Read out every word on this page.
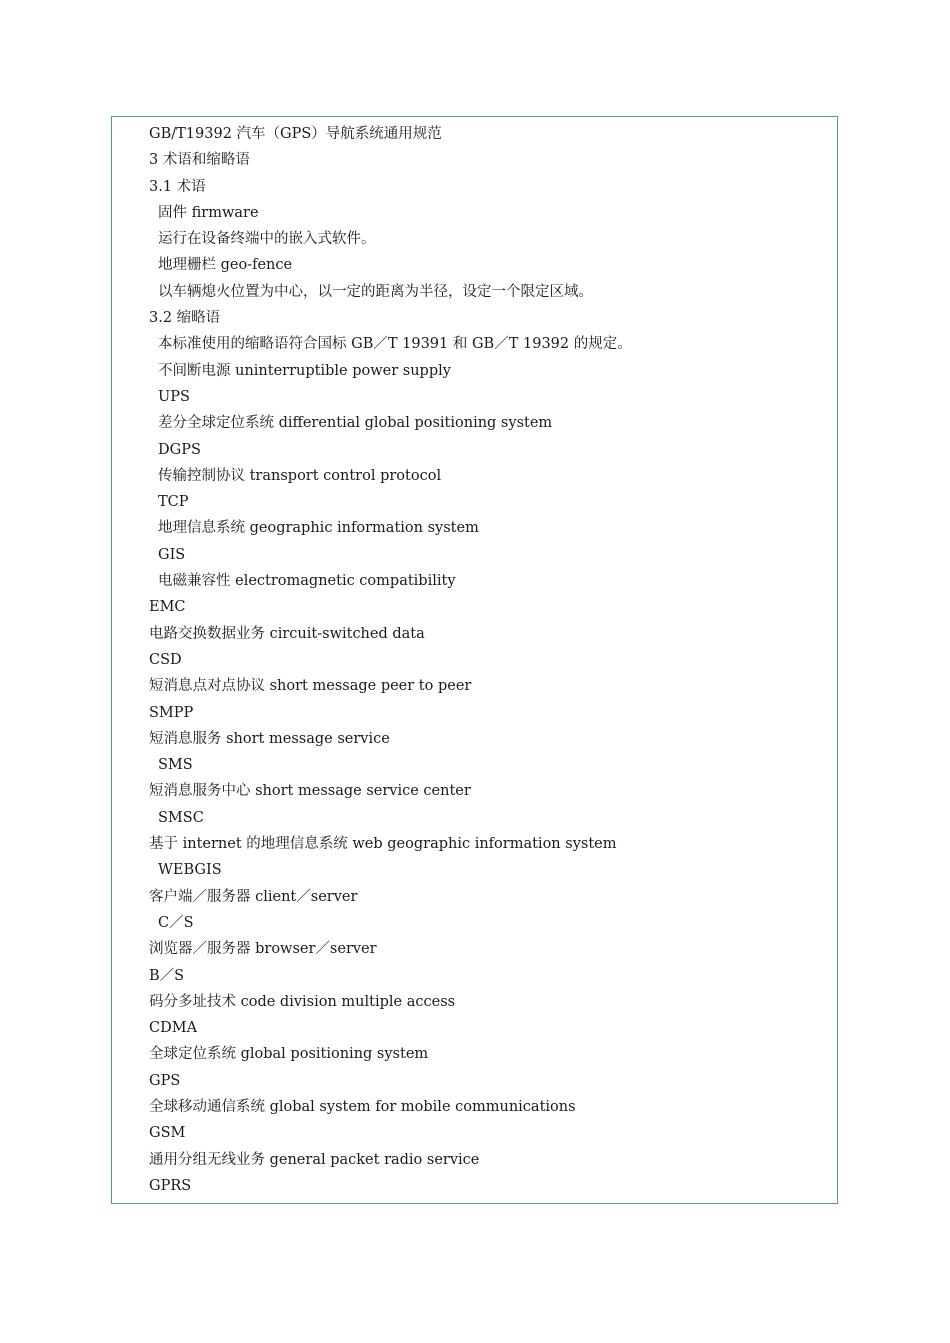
GB/T19392 汽车（GPS）导航系统通用规范
3 术语和缩略语
3.1 术语
固件 firmware
运行在设备终端中的嵌入式软件。
地理栅栏 geo-fence
以车辆熄火位置为中心，以一定的距离为半径，设定一个限定区域。
3.2 缩略语
本标准使用的缩略语符合国标 GB／T 19391 和 GB／T 19392 的规定。
不间断电源 uninterruptible power supply
UPS
差分全球定位系统 differential global positioning system
DGPS
传输控制协议 transport control protocol
TCP
地理信息系统 geographic information system
GIS
电磁兼容性 electromagnetic compatibility
EMC
电路交换数据业务 circuit-switched data
CSD
短消息点对点协议 short message peer to peer
SMPP
短消息服务 short message service
SMS
短消息服务中心 short message service center
SMSC
基于 internet 的地理信息系统 web geographic information system
WEBGIS
客户端／服务器 client／server
C／S
浏览器／服务器 browser／server
B／S
码分多址技术 code division multiple access
CDMA
全球定位系统 global positioning system
GPS
全球移动通信系统 global system for mobile communications
GSM
通用分组无线业务 general packet radio service
GPRS
